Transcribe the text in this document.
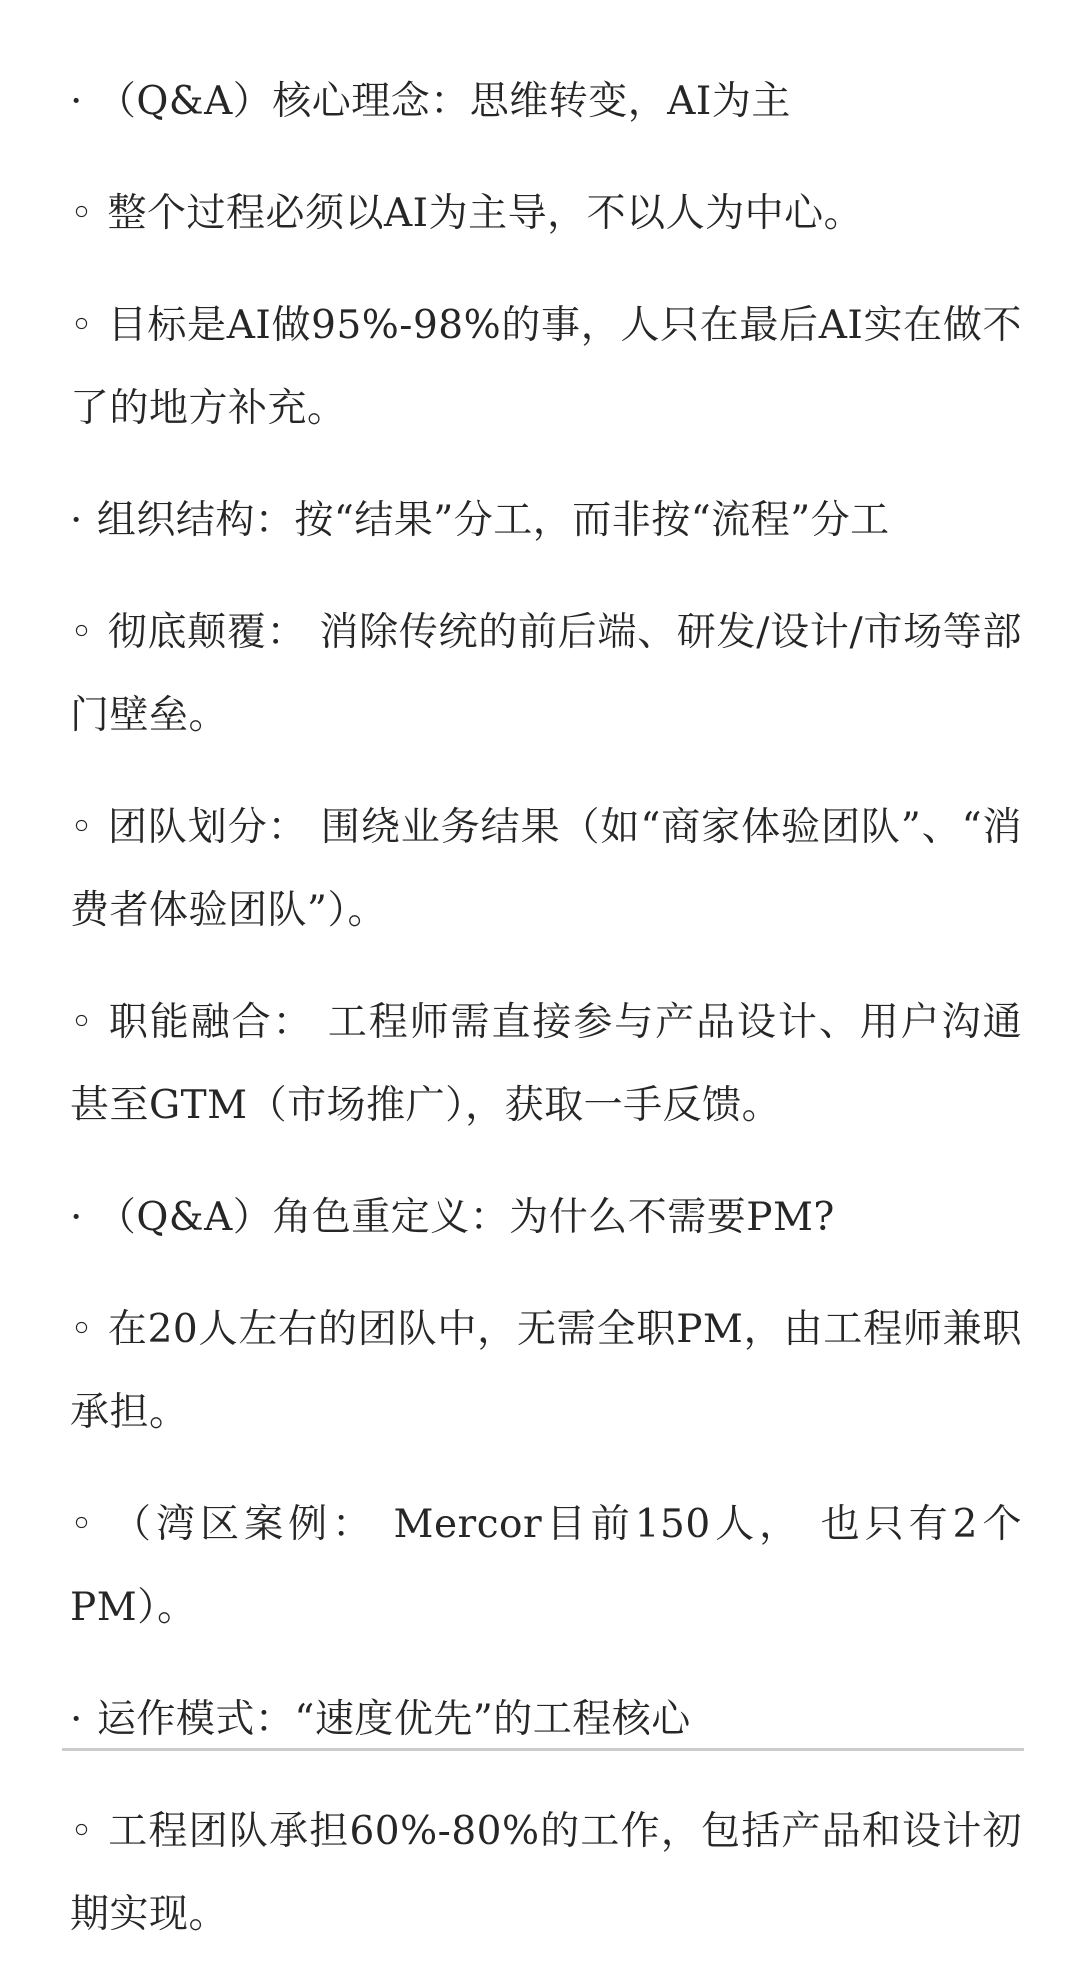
· （Q&A）核心理念：思维转变，AI为主

◦ 整个过程必须以AI为主导，不以人为中心。

◦ 目标是AI做95%-98%的事，人只在最后AI实在做不了的地方补充。

· 组织结构：按“结果”分工，而非按“流程”分工

◦ 彻底颠覆： 消除传统的前后端、研发/设计/市场等部门壁垒。

◦ 团队划分： 围绕业务结果（如“商家体验团队”、“消费者体验团队”）。

◦ 职能融合： 工程师需直接参与产品设计、用户沟通甚至GTM（市场推广），获取一手反馈。

· （Q&A）角色重定义：为什么不需要PM?

◦ 在20人左右的团队中，无需全职PM，由工程师兼职承担。

◦ （湾区案例： Mercor目前150人， 也只有2个PM）。

· 运作模式：“速度优先”的工程核心

◦ 工程团队承担60%-80%的工作，包括产品和设计初期实现。
